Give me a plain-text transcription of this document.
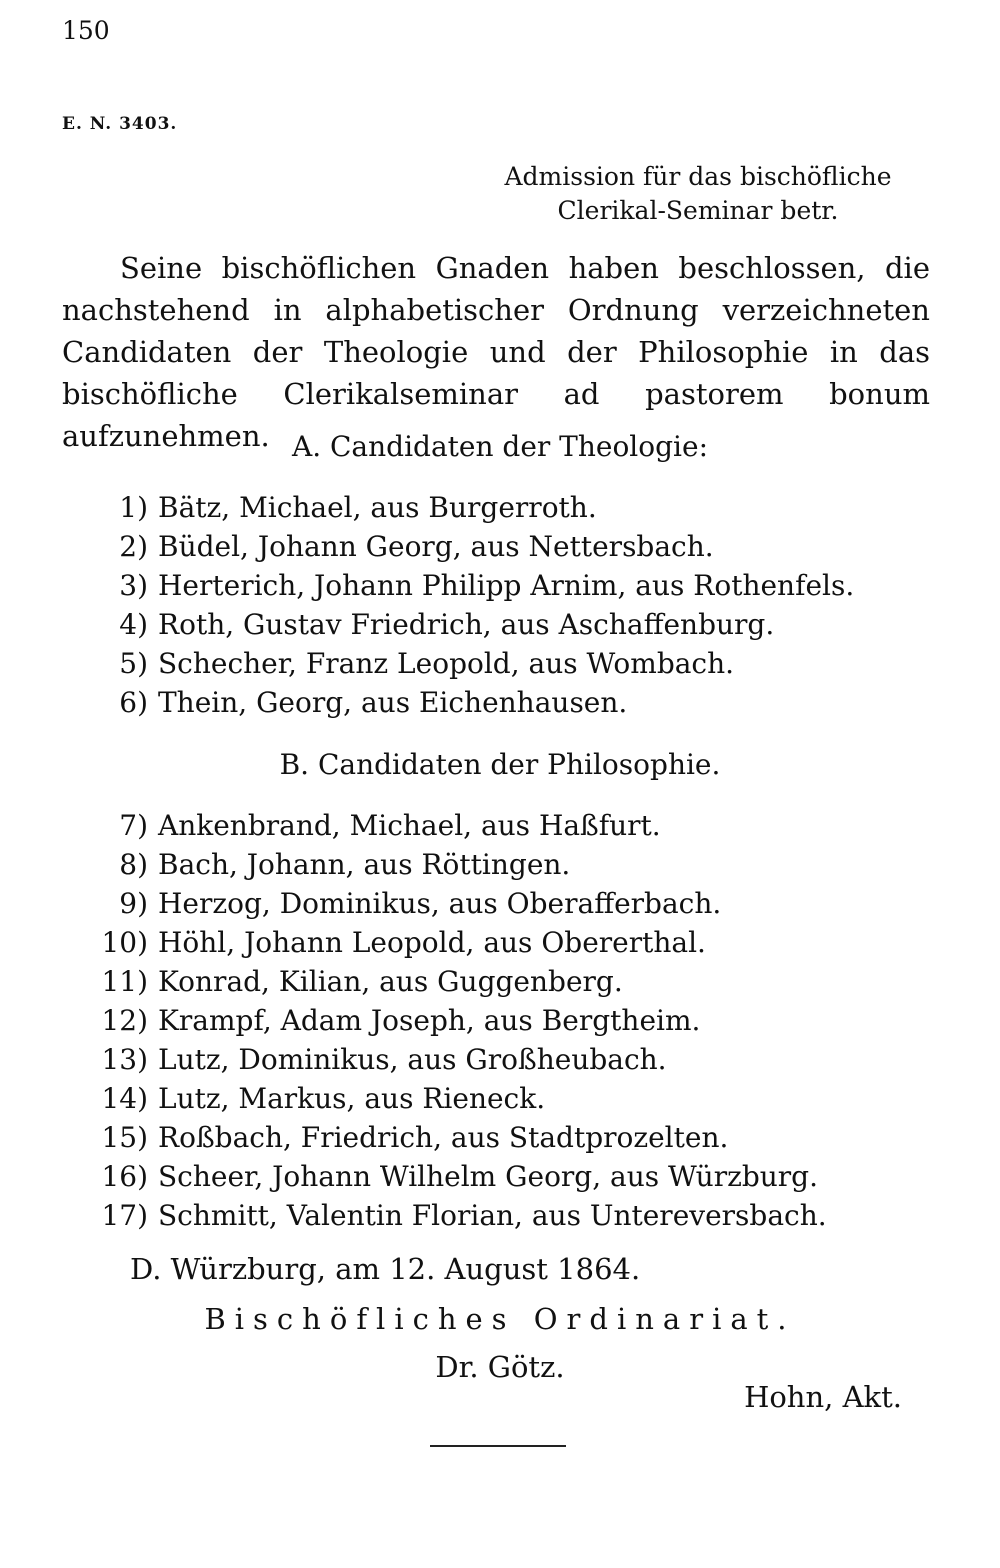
150
E. N. 3403.
Admission für das bischöfliche Clerikal-Seminar betr.
Seine bischöflichen Gnaden haben beschlossen, die nachstehend in alphabetischer Ordnung verzeichneten Candidaten der Theologie und der Philosophie in das bischöfliche Clerikalseminar ad pastorem bonum aufzunehmen. A. Candidaten der Theologie:
1) Bätz, Michael, aus Burgerroth.
2) Büdel, Johann Georg, aus Nettersbach.
3) Herterich, Johann Philipp Arnim, aus Rothenfels.
4) Roth, Gustav Friedrich, aus Aschaffenburg.
5) Schecher, Franz Leopold, aus Wombach.
6) Thein, Georg, aus Eichenhausen.
B. Candidaten der Philosophie.
7) Ankenbrand, Michael, aus Haßfurt.
8) Bach, Johann, aus Röttingen.
9) Herzog, Dominikus, aus Oberafferbach.
10) Höhl, Johann Leopold, aus Obererthal.
11) Konrad, Kilian, aus Guggenberg.
12) Krampf, Adam Joseph, aus Bergtheim.
13) Lutz, Dominikus, aus Großheubach.
14) Lutz, Markus, aus Rieneck.
15) Roßbach, Friedrich, aus Stadtprozelten.
16) Scheer, Johann Wilhelm Georg, aus Würzburg.
17) Schmitt, Valentin Florian, aus Untereversbach.
D. Würzburg, am 12. August 1864.
Bischöfliches Ordinariat.
Dr. Götz.
Hohn, Akt.
